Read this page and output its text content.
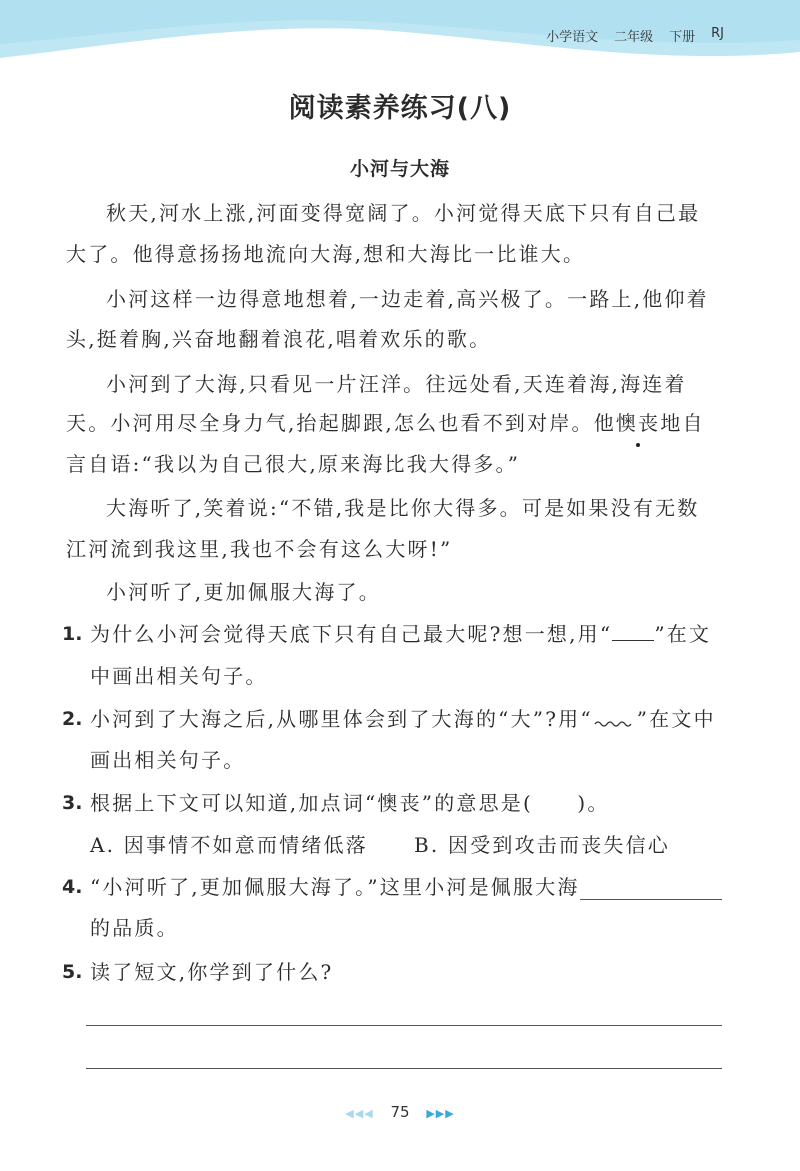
小学语文 二年级 下册 RJ
阅读素养练习(八)
小河与大海
秋天,河水上涨,河面变得宽阔了。小河觉得天底下只有自己最
大了。他得意扬扬地流向大海,想和大海比一比谁大。
小河这样一边得意地想着,一边走着,高兴极了。一路上,他仰着
头,挺着胸,兴奋地翻着浪花,唱着欢乐的歌。
小河到了大海,只看见一片汪洋。往远处看,天连着海,海连着
天。小河用尽全身力气,抬起脚跟,怎么也看不到对岸。他懊丧地自
言自语:“我以为自己很大,原来海比我大得多。”
大海听了,笑着说:“不错,我是比你大得多。可是如果没有无数
江河流到我这里,我也不会有这么大呀!”
小河听了,更加佩服大海了。
1. 为什么小河会觉得天底下只有自己最大呢?想一想,用“ ”在文
中画出相关句子。
2. 小河到了大海之后,从哪里体会到了大海的“大”?用“ ”在文中
画出相关句子。
3. 根据上下文可以知道,加点词“懊丧”的意思是(　　)。
A. 因事情不如意而情绪低落 B. 因受到攻击而丧失信心
4. “小河听了,更加佩服大海了。”这里小河是佩服大海
的品质。
5. 读了短文,你学到了什么?
◀◀◀ 75 ▶▶▶
